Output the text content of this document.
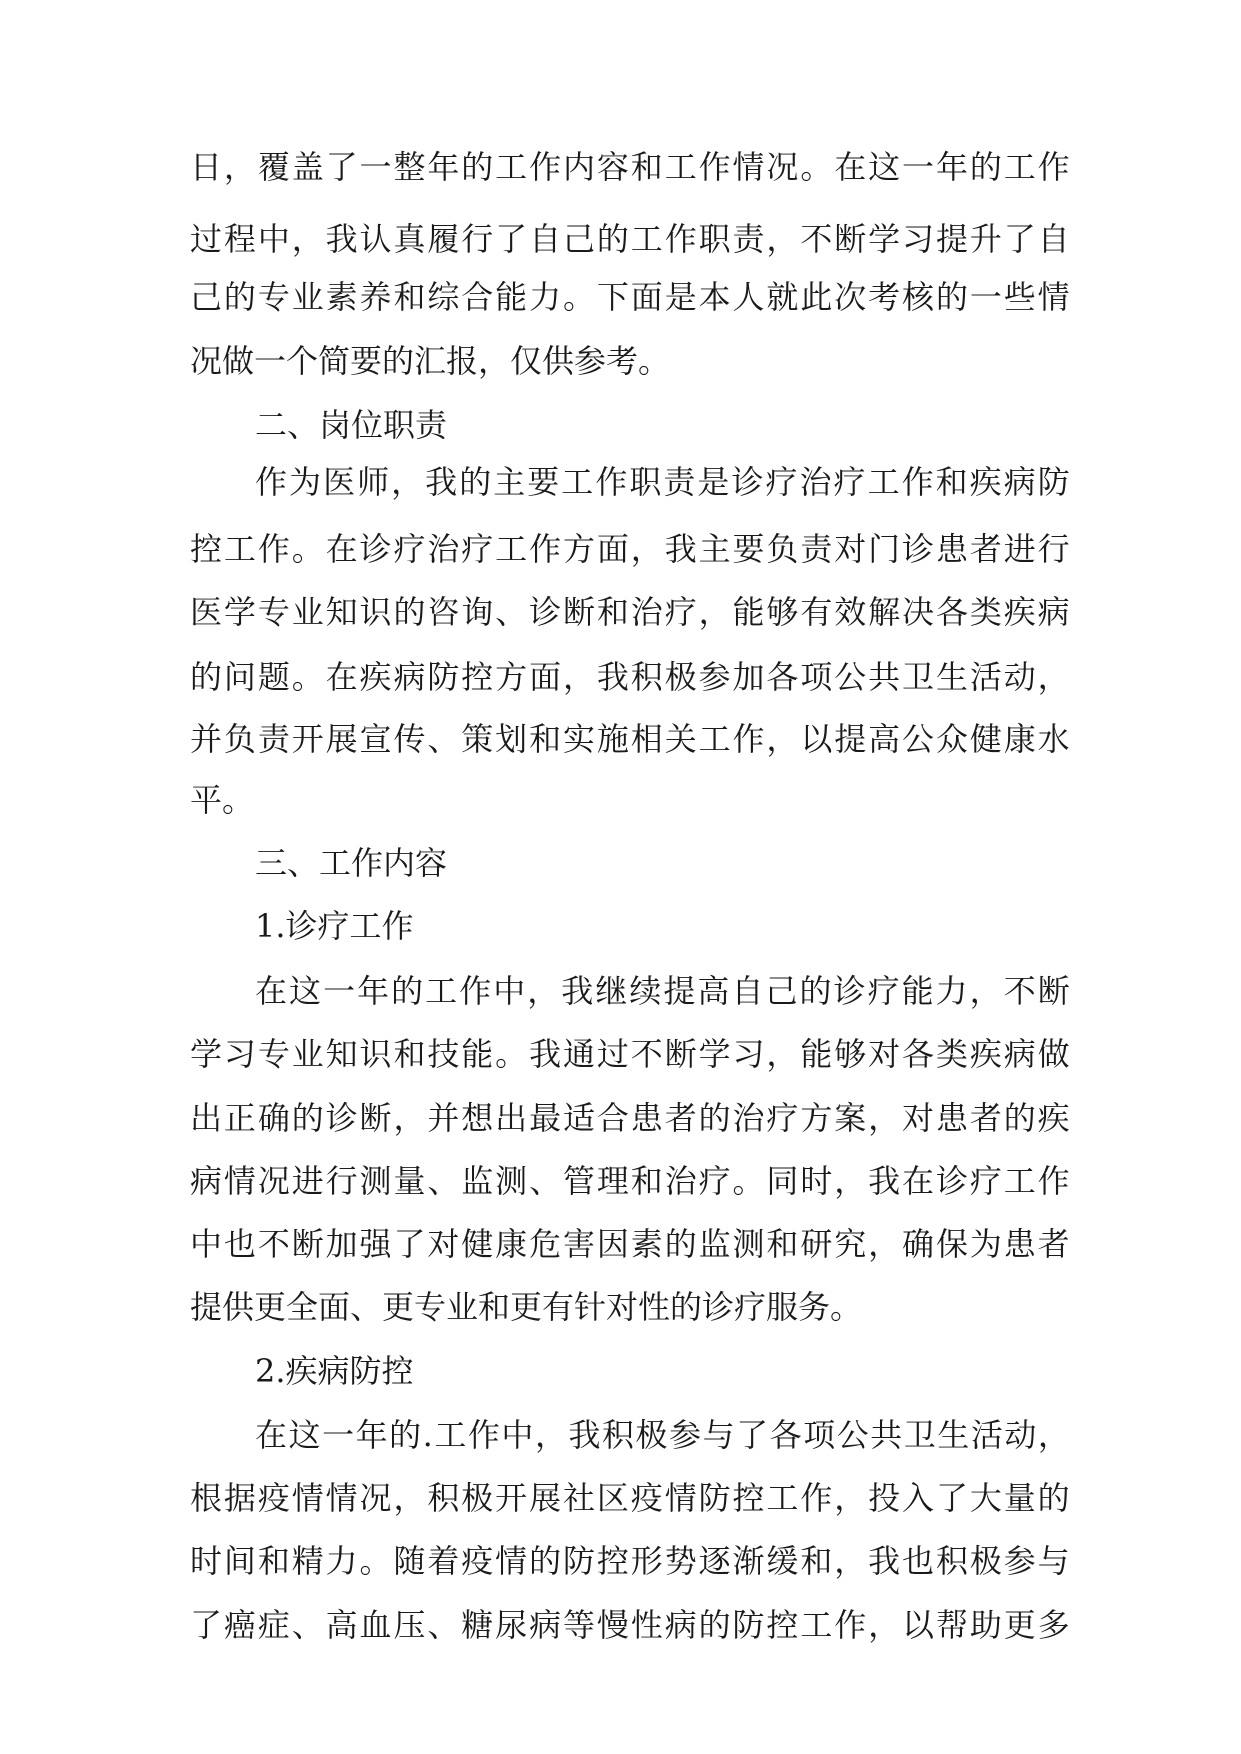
日 ， 覆 盖 了 一 整 年 的 工 作 内 容 和 工 作 情 况 。 在 这 一 年 的 工 作
过 程 中 ， 我 认 真 履 行 了 自 己 的 工 作 职 责 ， 不 断 学 习 提 升 了 自
己 的 专 业 素 养 和 综 合 能 力 。 下 面 是 本 人 就 此 次 考 核 的 一 些 情
况做一个简要的汇报，仅供参考。
二、岗位职责
作 为 医 师 ， 我 的 主 要 工 作 职 责 是 诊 疗 治 疗 工 作 和 疾 病 防
控 工 作 。 在 诊 疗 治 疗 工 作 方 面 ， 我 主 要 负 责 对 门 诊 患 者 进 行
医 学 专 业 知 识 的 咨 询 、 诊 断 和 治 疗 ， 能 够 有 效 解 决 各 类 疾 病
的 问 题 。 在 疾 病 防 控 方 面 ， 我 积 极 参 加 各 项 公 共 卫 生 活 动 ，
并 负 责 开 展 宣 传 、 策 划 和 实 施 相 关 工 作 ， 以 提 高 公 众 健 康 水
平。
三、工作内容
1.诊疗工作
在 这 一 年 的 工 作 中 ， 我 继 续 提 高 自 己 的 诊 疗 能 力 ， 不 断
学 习 专 业 知 识 和 技 能 。 我 通 过 不 断 学 习 ， 能 够 对 各 类 疾 病 做
出 正 确 的 诊 断 ， 并 想 出 最 适 合 患 者 的 治 疗 方 案 ， 对 患 者 的 疾
病 情 况 进 行 测 量 、 监 测 、 管 理 和 治 疗 。 同 时 ， 我 在 诊 疗 工 作
中 也 不 断 加 强 了 对 健 康 危 害 因 素 的 监 测 和 研 究 ， 确 保 为 患 者
提供更全面、更专业和更有针对性的诊疗服务。
2.疾病防控
在 这 一 年 的 . 工 作 中 ， 我 积 极 参 与 了 各 项 公 共 卫 生 活 动 ，
根 据 疫 情 情 况 ， 积 极 开 展 社 区 疫 情 防 控 工 作 ， 投 入 了 大 量 的
时 间 和 精 力 。 随 着 疫 情 的 防 控 形 势 逐 渐 缓 和 ， 我 也 积 极 参 与
了 癌 症 、 高 血 压 、 糖 尿 病 等 慢 性 病 的 防 控 工 作 ， 以 帮 助 更 多
